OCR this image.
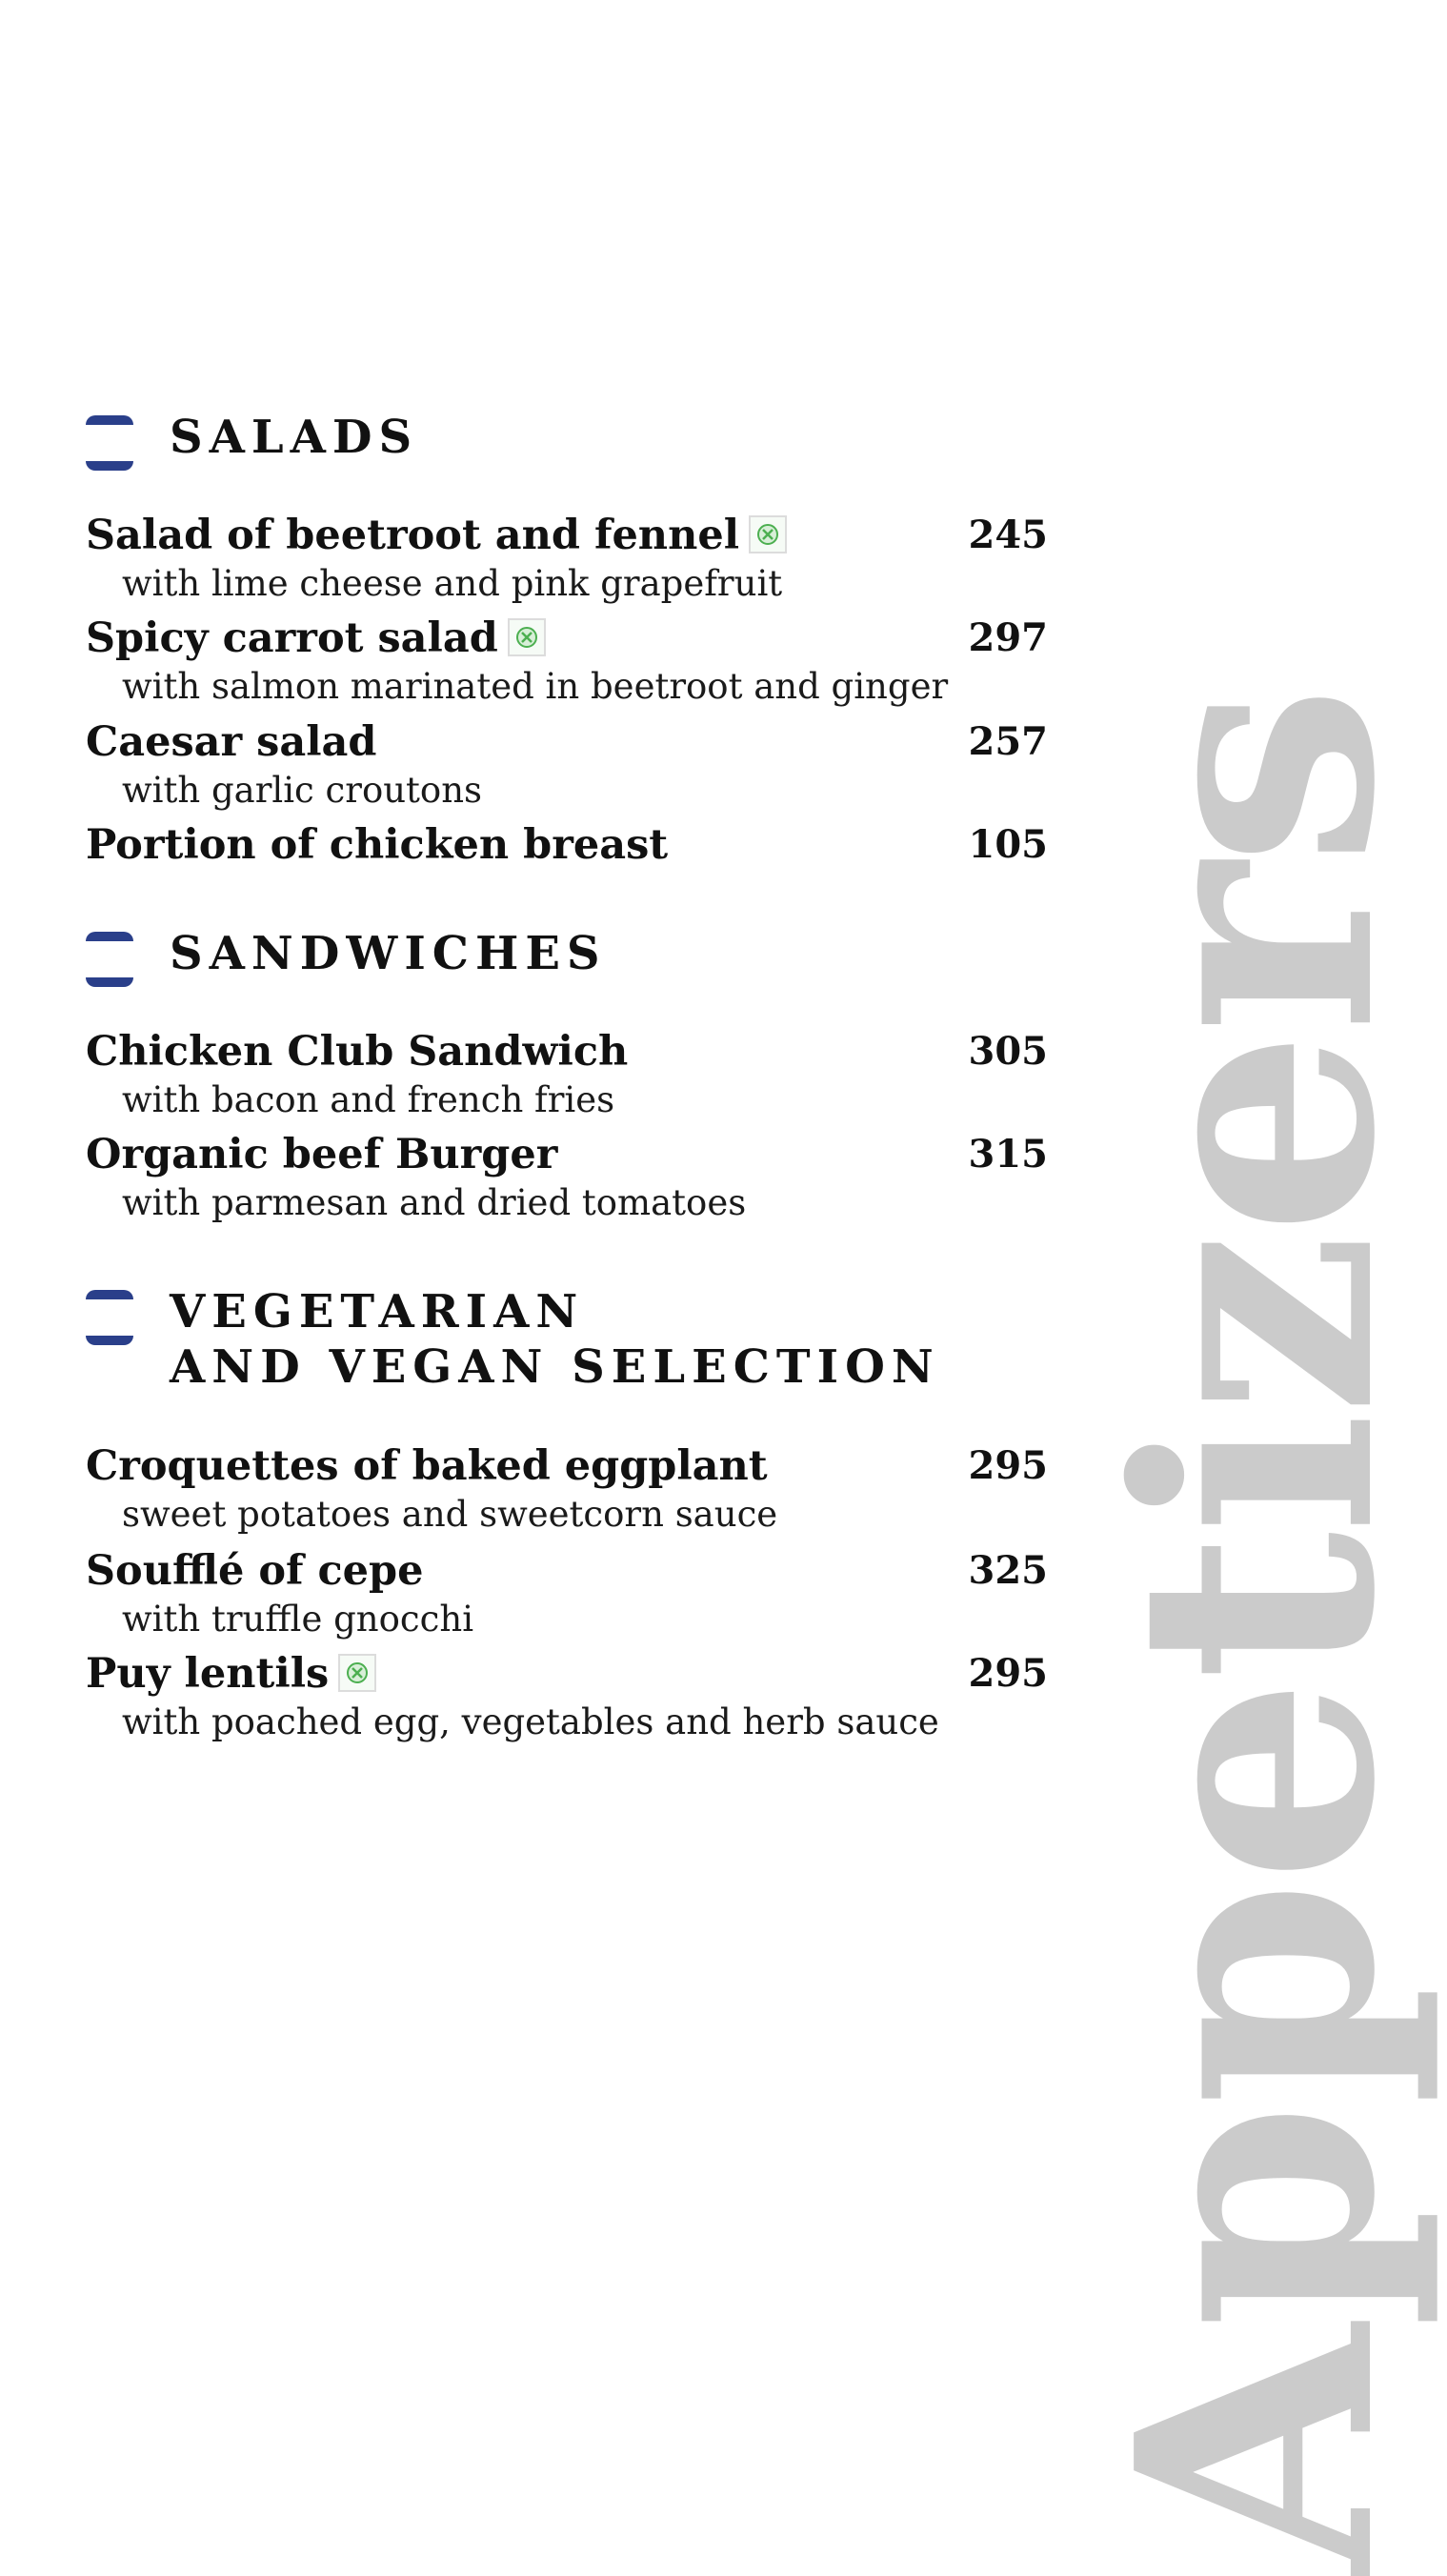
Appetizers
SALADS
Salad of beetroot and fennel	245
with lime cheese and pink grapefruit
Spicy carrot salad	297
with salmon marinated in beetroot and ginger
Caesar salad	257
with garlic croutons
Portion of chicken breast	105
SANDWICHES
Chicken Club Sandwich	305
with bacon and french fries
Organic beef Burger	315
with parmesan and dried tomatoes
VEGETARIAN
AND VEGAN SELECTION
Croquettes of baked eggplant	295
sweet potatoes and sweetcorn sauce
Soufflé of cepe	325
with truffle gnocchi
Puy lentils	295
with poached egg, vegetables and herb sauce
